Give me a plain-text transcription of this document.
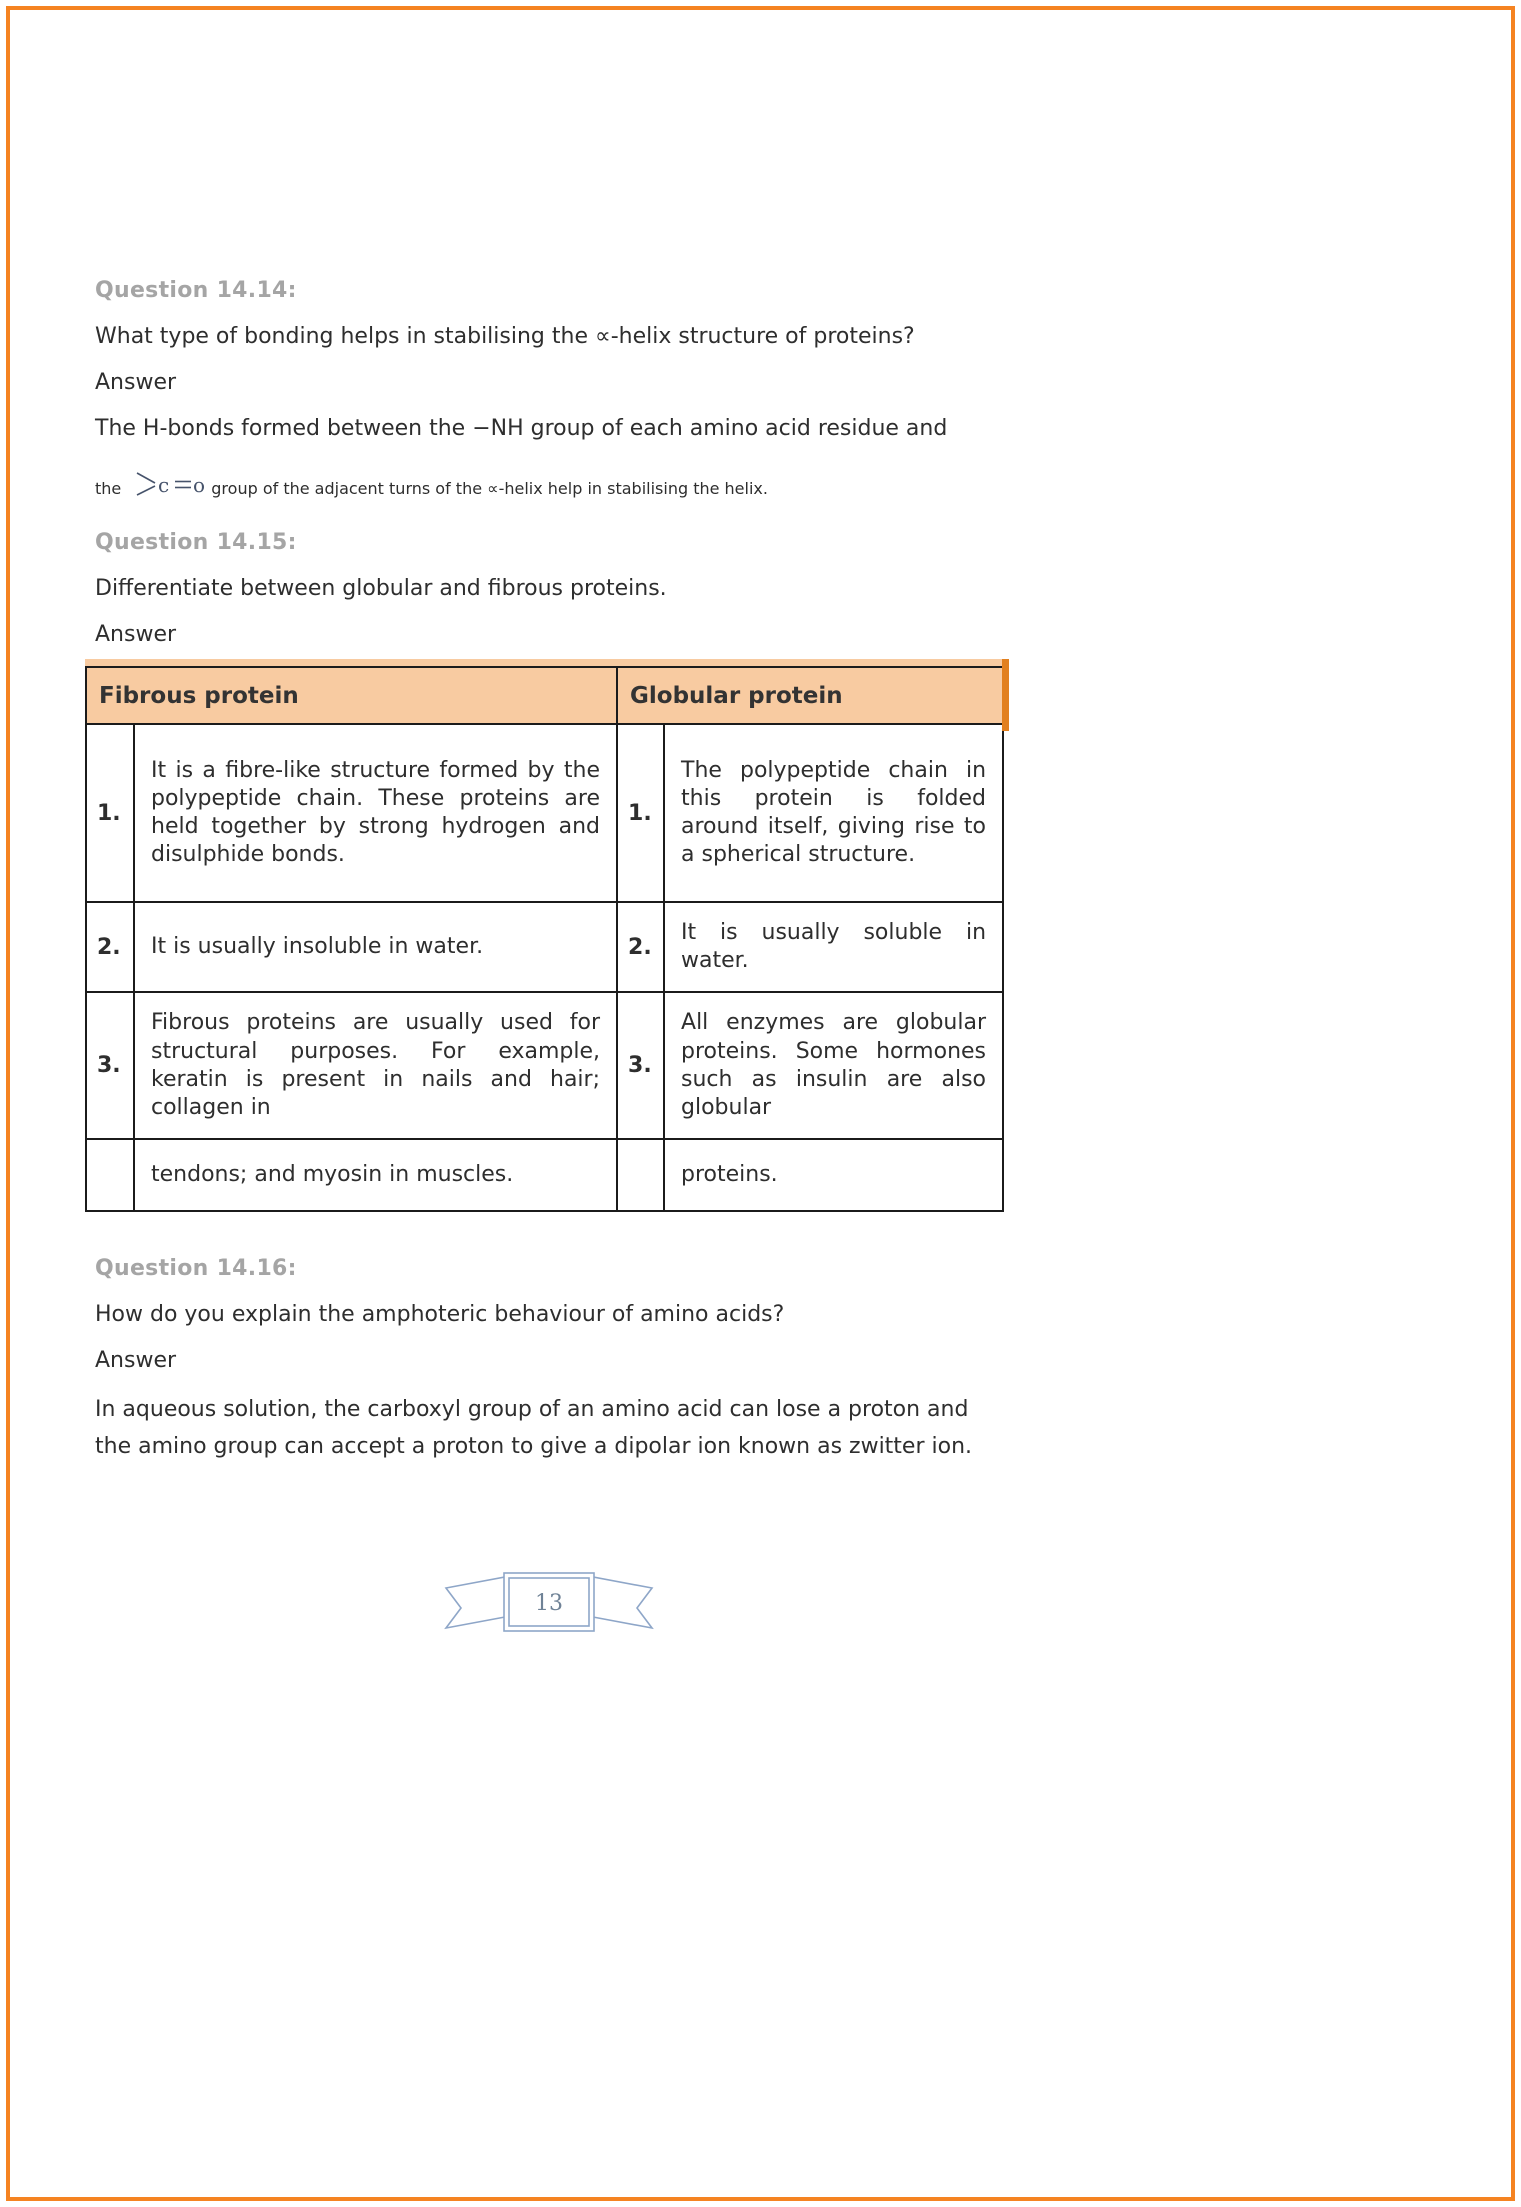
Question 14.14:

What type of bonding helps in stabilising the ∝-helix structure of proteins?

Answer

The H-bonds formed between the −NH group of each amino acid residue and

the c o group of the adjacent turns of the ∝-helix help in stabilising the helix.
Question 14.15:

Differentiate between globular and fibrous proteins.

Answer

Fibrous protein		Globular protein	
1.	It is a fibre-like structure formed by the polypeptide chain. These proteins are held together by strong hydrogen and disulphide bonds.	1.	The polypeptide chain in this protein is folded around itself, giving rise to a spherical structure.
2.	It is usually insoluble in water.	2.	It is usually soluble in water.
3.	Fibrous proteins are usually used for structural purposes. For example, keratin is present in nails and hair; collagen in	3.	All enzymes are globular proteins. Some hormones such as insulin are also globular
	tendons; and myosin in muscles.		proteins.
Question 14.16:

How do you explain the amphoteric behaviour of amino acids?

Answer

In aqueous solution, the carboxyl group of an amino acid can lose a proton and the amino group can accept a proton to give a dipolar ion known as zwitter ion.

13
